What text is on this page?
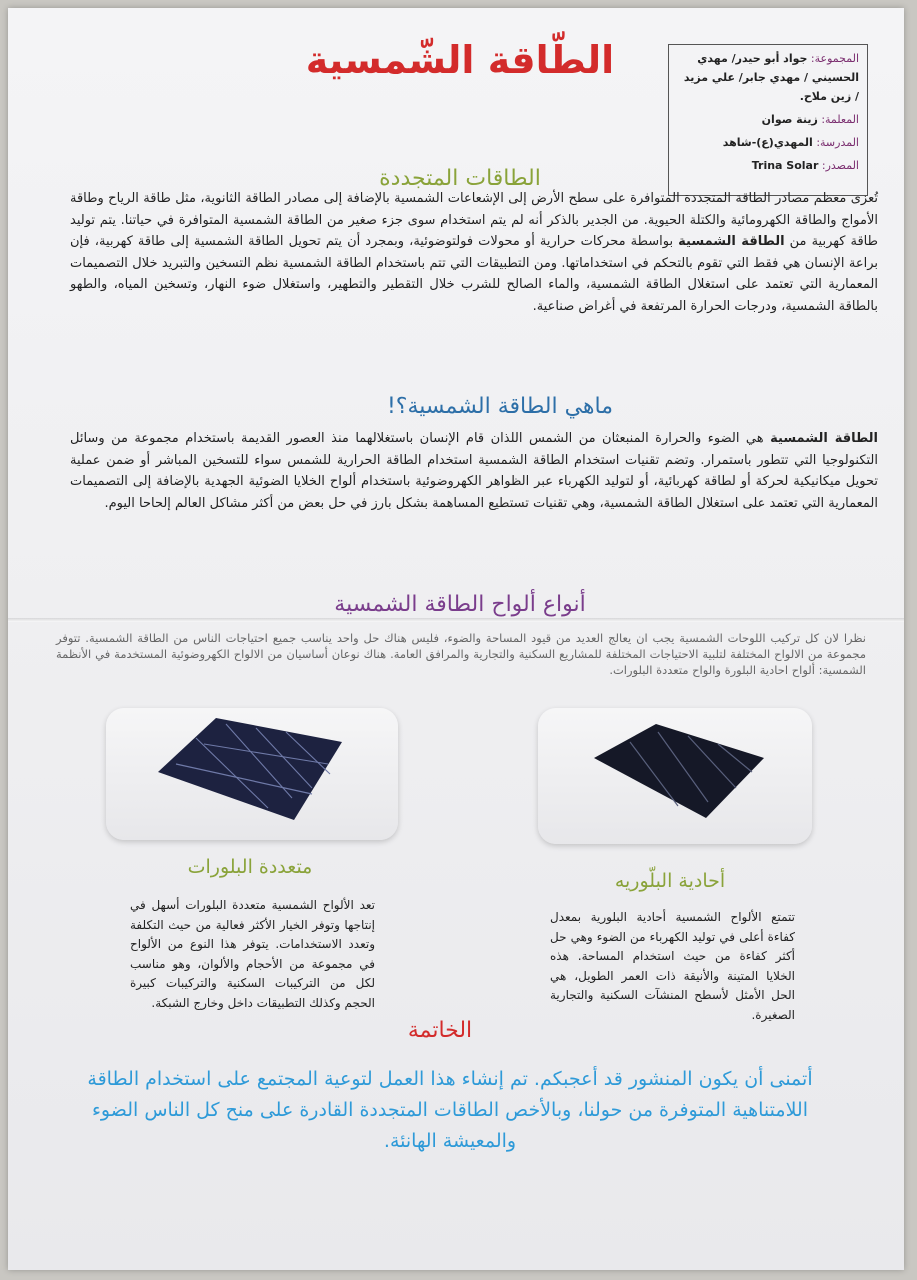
الطّاقة الشّمسية	المجموعة: جواد أبو حيدر/ مهدي الحسيني / مهدي جابر/ علي مزيد / زين ملاح.
المعلمة: زينة صوان
المدرسة: المهدي(ع)-شاهد
المصدر: Trina Solar
الطاقات المتجددة
تُعزى معظم مصادر الطاقة المتجددة المتوافرة على سطح الأرض إلى الإشعاعات الشمسية بالإضافة إلى مصادر الطاقة الثانوية، مثل طاقة الرياح وطاقة الأمواج والطاقة الكهرومائية والكتلة الحيوية. من الجدير بالذكر أنه لم يتم استخدام سوى جزء صغير من الطاقة الشمسية المتوافرة في حياتنا. يتم توليد طاقة كهربية من الطاقة الشمسية بواسطة محركات حرارية أو محولات فولتوضوئية، وبمجرد أن يتم تحويل الطاقة الشمسية إلى طاقة كهربية، فإن براعة الإنسان هي فقط التي تقوم بالتحكم في استخداماتها. ومن التطبيقات التي تتم باستخدام الطاقة الشمسية نظم التسخين والتبريد خلال التصميمات المعمارية التي تعتمد على استغلال الطاقة الشمسية، والماء الصالح للشرب خلال التقطير والتطهير، واستغلال ضوء النهار، وتسخين المياه، والطهو بالطاقة الشمسية، ودرجات الحرارة المرتفعة في أغراض صناعية.
ماهي الطاقة الشمسية؟!
الطاقة الشمسية هي الضوء والحرارة المنبعثان من الشمس اللذان قام الإنسان باستغلالهما منذ العصور القديمة باستخدام مجموعة من وسائل التكنولوجيا التي تتطور باستمرار. وتضم تقنيات استخدام الطاقة الشمسية استخدام الطاقة الحرارية للشمس سواء للتسخين المباشر أو ضمن عملية تحويل ميكانيكية لحركة أو لطاقة كهربائية، أو لتوليد الكهرباء عبر الظواهر الكهروضوئية باستخدام ألواح الخلايا الضوئية الجهدية بالإضافة إلى التصميمات المعمارية التي تعتمد على استغلال الطاقة الشمسية، وهي تقنيات تستطيع المساهمة بشكل بارز في حل بعض من أكثر مشاكل العالم إلحاحا اليوم.
أنواع ألواح الطاقة الشمسية
نظرا لان كل تركيب اللوحات الشمسية يجب ان يعالج العديد من قيود المساحة والضوء، فليس هناك حل واحد يناسب جميع احتياجات الناس من الطاقة الشمسية. تتوفر مجموعة من الالواح المختلفة لتلبية الاحتياجات المختلفة للمشاريع السكنية والتجارية والمرافق العامة. هناك نوعان أساسيان من الالواح الكهروضوئية المستخدمة في الأنظمة الشمسية: ألواح احادية البلورة والواح متعددة البلورات.
متعددة البلورات
تعد الألواح الشمسية متعددة البلورات أسهل في إنتاجها وتوفر الخيار الأكثر فعالية من حيث التكلفة وتعدد الاستخدامات. يتوفر هذا النوع من الألواح في مجموعة من الأحجام والألوان، وهو مناسب لكل من التركيبات السكنية والتركيبات كبيرة الحجم وكذلك التطبيقات داخل وخارج الشبكة.
أحادية البلّوريه
تتمتع الألواح الشمسية أحادية البلورية بمعدل كفاءة أعلى في توليد الكهرباء من الضوء وهي حل أكثر كفاءة من حيث استخدام المساحة. هذه الخلايا المتينة والأنيقة ذات العمر الطويل، هي الحل الأمثل لأسطح المنشآت السكنية والتجارية الصغيرة.
الخاتمة
أتمنى أن يكون المنشور قد أعجبكم. تم إنشاء هذا العمل لتوعية المجتمع على استخدام الطاقة اللامتناهية المتوفرة من حولنا، وبالأخص الطاقات المتجددة القادرة على منح كل الناس الضوء والمعيشة الهانئة.
